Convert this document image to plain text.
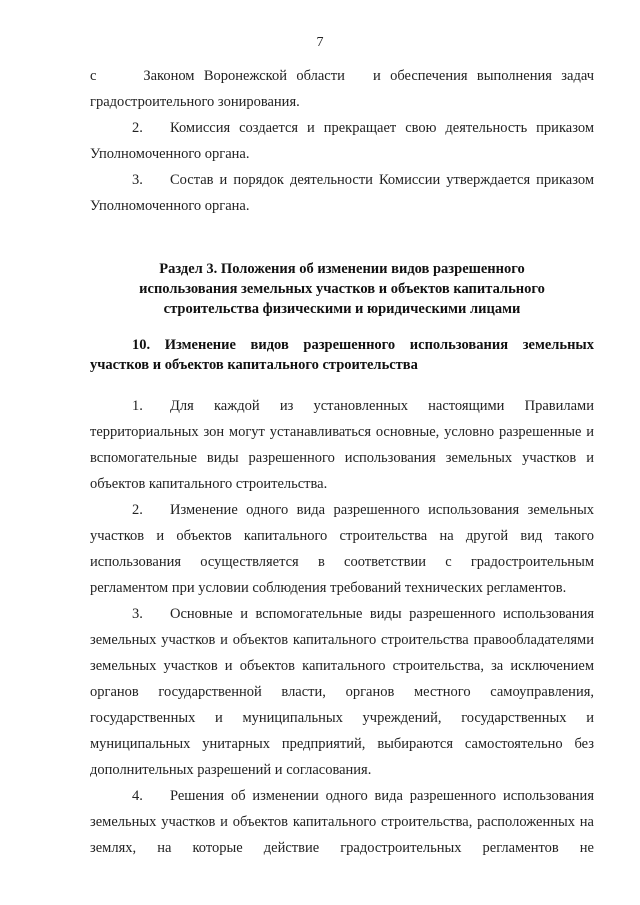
7

с     Законом Воронежской области   и обеспечения выполнения задач
градостроительного зонирования.

2. Комиссия создается и прекращает свою деятельность приказом
Уполномоченного органа.

3. Состав и порядок деятельности Комиссии утверждается приказом
Уполномоченного органа.

Раздел 3. Положения об изменении видов разрешенного
использования земельных участков и объектов капитального
строительства физическими и юридическими лицами
10.  Изменение  видов  разрешенного  использования  земельных
участков и объектов капитального строительства

1. Для   каждой   из   установленных   настоящими   Правилами
территориальных зон могут устанавливаться основные, условно разрешенные и вспомогательные виды разрешенного использования земельных участков и объектов капитального строительства.

2. Изменение одного вида разрешенного использования земельных
участков и объектов капитального строительства на другой вид такого использования осуществляется в соответствии с градостроительным регламентом при условии соблюдения требований технических регламентов.

3. Основные и вспомогательные виды разрешенного использования
земельных участков и объектов капитального строительства правообладателями земельных участков и объектов капитального строительства, за исключением органов государственной власти, органов местного самоуправления, государственных и муниципальных учреждений, государственных и муниципальных унитарных предприятий, выбираются самостоятельно без дополнительных разрешений и согласования.

4. Решения об изменении одного вида разрешенного использования
земельных участков и объектов капитального строительства, расположенных на землях, на которые действие градостроительных регламентов не
